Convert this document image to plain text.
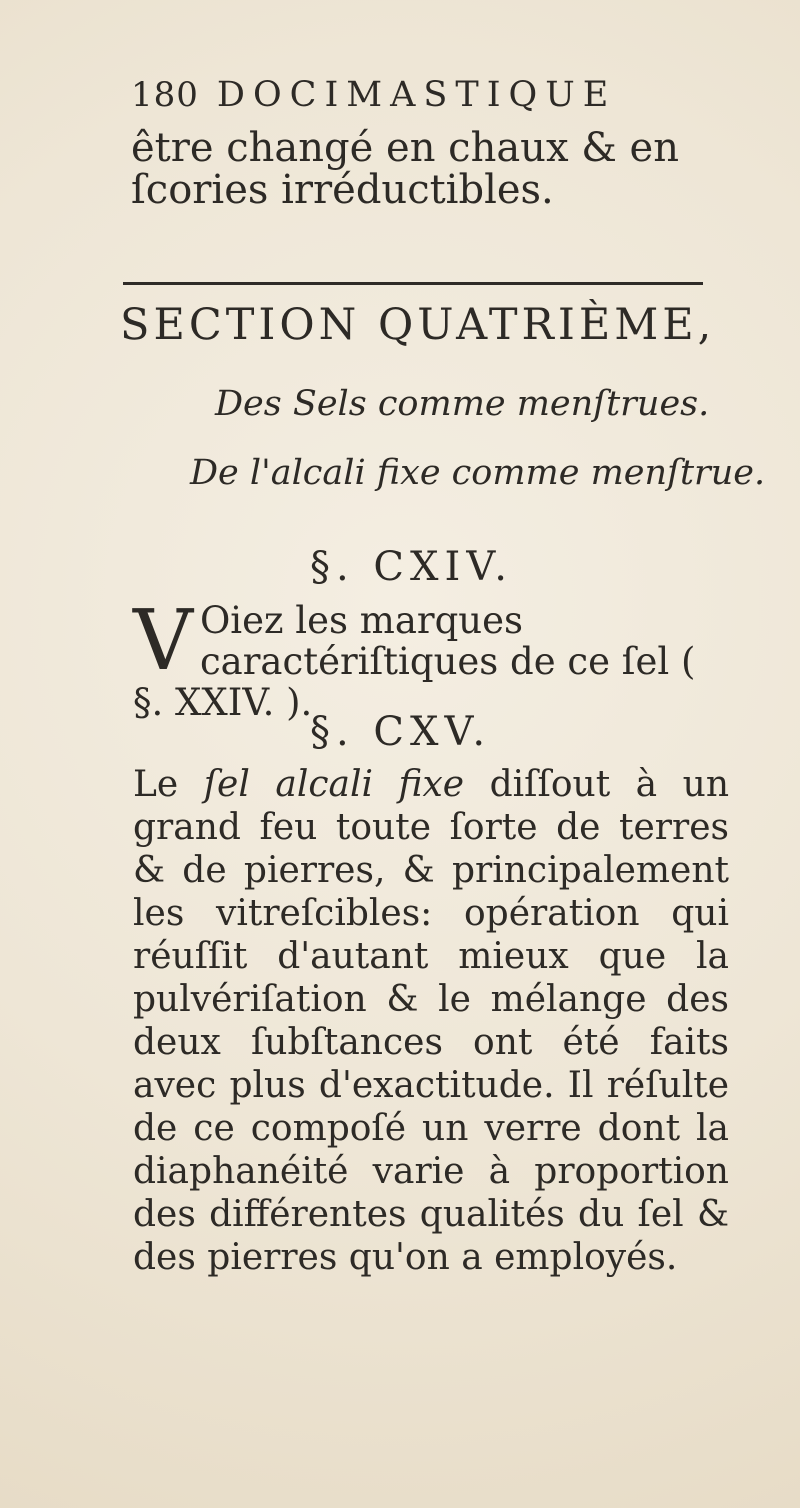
180 DOCIMASTIQUE
être changé en chaux & en ſcories irréductibles.
SECTION QUATRIÈME,
Des Sels comme menſtrues.
De l'alcali fixe comme menſtrue.
§. CXIV.
V Oiez les marques caractériſtiques de ce ſel ( §. XXIV. ).
§. CXV.
Le ſel alcali fixe diſſout à un grand feu toute ſorte de terres & de pierres, & principalement les vitreſcibles: opération qui réuſſit d'autant mieux que la pulvériſation & le mélange des deux ſubſtances ont été faits avec plus d'exactitude. Il réſulte de ce compoſé un verre dont la diaphanéité varie à proportion des différentes qualités du ſel & des pierres qu'on a employés.
